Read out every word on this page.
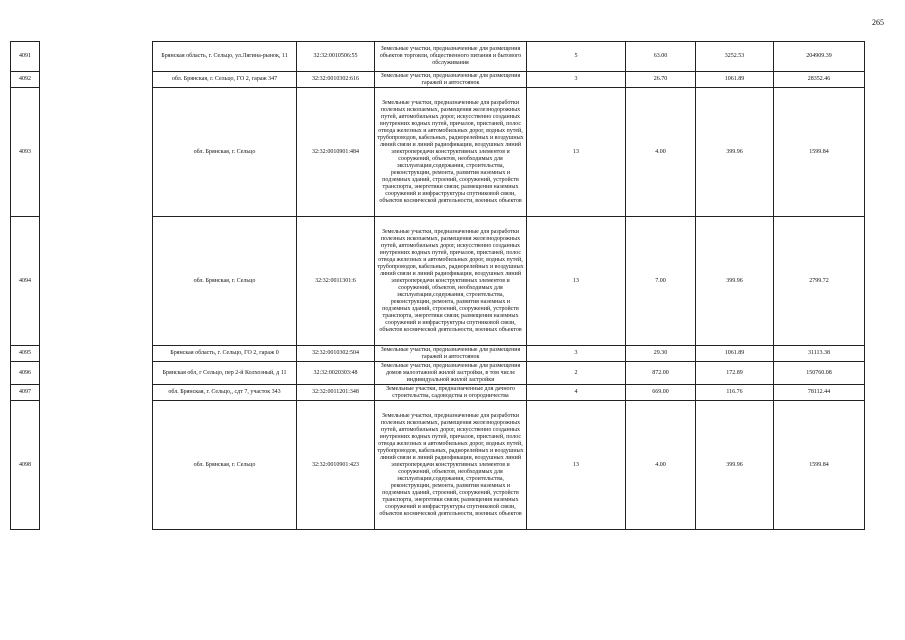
265
4091		Брянская область, г. Сельцо, ул.Лягина-рынок, 11	32:32:0010506:55	Земельные участки, предназначенные для размещения объектов торговли, общественного питания и бытового обслуживания	5	63.00	3252.53	204909.39
4092		обл. Брянская, г. Сельцо, ГО 2, гараж 347	32:32:0010302:616	Земельные участки, предназначенные для размещения гаражей и автостоянок	3	26.70	1061.89	28352.46
4093		обл. Брянская, г. Сельцо	32:32:0010901:484	Земельные участки, предназначенные для разработки полезных ископаемых, размещения железнодорожных путей, автомобильных дорог, искусственно созданных внутренних водных путей, причалов, пристаней, полос отвода железных и автомобильных дорог, водных путей, трубопроводов, кабельных, радиорелейных и воздушных линий связи и линий радиофикации, воздушных линий электропередачи конструктивных элементов и сооружений, объектов, необходимых для эксплуатации,содержания, строительства, реконструкции, ремонта, развития наземных и подземных зданий, строений, сооружений, устройств транспорта, энергетики связи; размещения наземных сооружений и инфраструктуры спутниковой связи, объектов космической деятельности, военных объектов	13	4.00	399.96	1599.84
4094		обл. Брянская, г. Сельцо	32:32:0011301:6	Земельные участки, предназначенные для разработки полезных ископаемых, размещения железнодорожных путей, автомобильных дорог, искусственно созданных внутренних водных путей, причалов, пристаней, полос отвода железных и автомобильных дорог, водных путей, трубопроводов, кабельных, радиорелейных и воздушных линий связи и линий радиофикации, воздушных линий электропередачи конструктивных элементов и сооружений, объектов, необходимых для эксплуатации,содержания, строительства, реконструкции, ремонта, развития наземных и подземных зданий, строений, сооружений, устройств транспорта, энергетики связи; размещения наземных сооружений и инфраструктуры спутниковой связи, объектов космической деятельности, военных объектов	13	7.00	399.96	2799.72
4095		Брянская область, г. Сельцо, ГО 2, гараж 0	32:32:0010302:504	Земельные участки, предназначенные для размещения гаражей и автостоянок	3	29.30	1061.89	31113.38
4096		Брянская обл, г Сельцо, пер 2-й Колхозный, д 11	32:32:0020303:48	Земельные участки, предназначенные для размещения домов малоэтажной жилой застройки, в том числе индивидуальной жилой застройки	2	872.00	172.89	150760.08
4097		обл. Брянская, г. Сельцо,, сдт 7, участок 343	32:32:0011201:348	Земельные участки, предназначенные для дачного строительства, садоводства и огородничества	4	669.00	116.76	78112.44
4098		обл. Брянская, г. Сельцо	32:32:0010901:423	Земельные участки, предназначенные для разработки полезных ископаемых, размещения железнодорожных путей, автомобильных дорог, искусственно созданных внутренних водных путей, причалов, пристаней, полос отвода железных и автомобильных дорог, водных путей, трубопроводов, кабельных, радиорелейных и воздушных линий связи и линий радиофикации, воздушных линий электропередачи конструктивных элементов и сооружений, объектов, необходимых для эксплуатации,содержания, строительства, реконструкции, ремонта, развития наземных и подземных зданий, строений, сооружений, устройств транспорта, энергетики связи; размещения наземных сооружений и инфраструктуры спутниковой связи, объектов космической деятельности, военных объектов	13	4.00	399.96	1599.84
